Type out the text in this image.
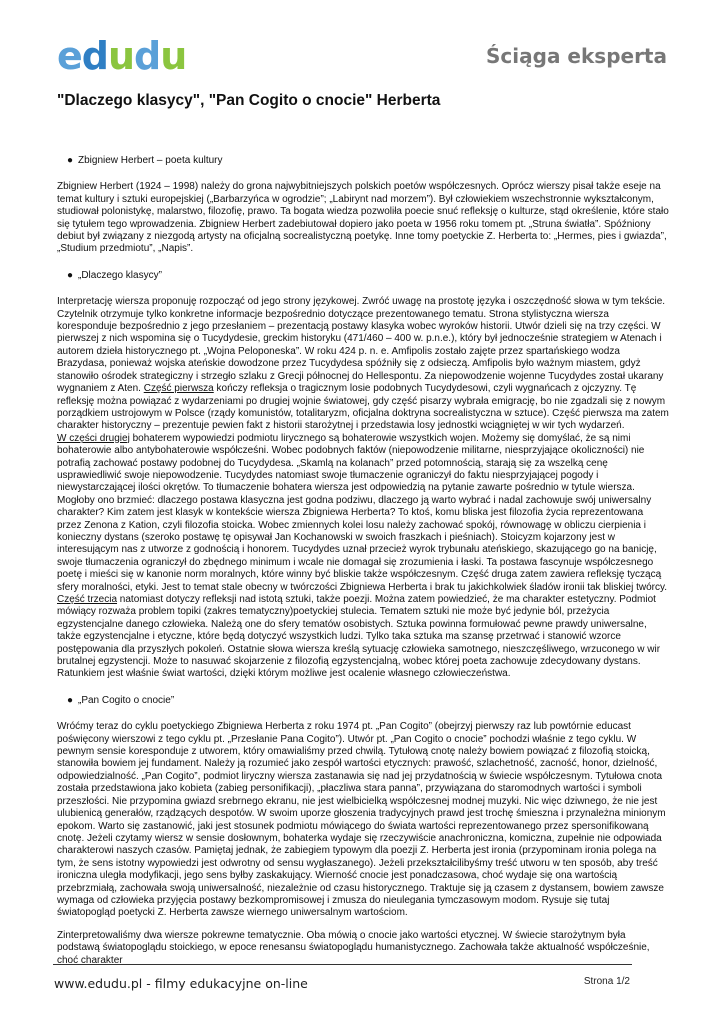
edudu	Ściąga eksperta
"Dlaczego klasycy", "Pan Cogito o cnocie" Herberta
● Zbigniew Herbert – poeta kultury

Zbigniew Herbert (1924 – 1998) należy do grona najwybitniejszych polskich poetów współczesnych. Oprócz wierszy pisał także eseje na temat kultury i sztuki europejskiej („Barbarzyńca w ogrodzie”; „Labirynt nad morzem”). Był człowiekiem wszechstronnie wykształconym, studiował polonistykę, malarstwo, filozofię, prawo. Ta bogata wiedza pozwoliła poecie snuć refleksję o kulturze, stąd określenie, które stało się tytułem tego wprowadzenia. Zbigniew Herbert zadebiutował dopiero jako poeta w 1956 roku tomem pt. „Struna światła”. Spóźniony debiut był związany z niezgodą artysty na oficjalną socrealistyczną poetykę. Inne tomy poetyckie Z. Herberta to: „Hermes, pies i gwiazda”, „Studium przedmiotu”, „Napis”.

● „Dlaczego klasycy”

Interpretację wiersza proponuję rozpocząć od jego strony językowej. Zwróć uwagę na prostotę języka i oszczędność słowa w tym tekście. Czytelnik otrzymuje tylko konkretne informacje bezpośrednio dotyczące prezentowanego tematu. Strona stylistyczna wiersza koresponduje bezpośrednio z jego przesłaniem – prezentacją postawy klasyka wobec wyroków historii. Utwór dzieli się na trzy części. W pierwszej z nich wspomina się o Tucydydesie, greckim historyku (471/460 – 400 w. p.n.e.), który był jednocześnie strategiem w Atenach i autorem dzieła historycznego pt. „Wojna Peloponeska”. W roku 424 p. n. e. Amfipolis zostało zajęte przez spartańskiego wodza Brazydasa, ponieważ wojska ateńskie dowodzone przez Tucydydesa spóźniły się z odsieczą. Amfipolis było ważnym miastem, gdyż stanowiło ośrodek strategiczny i strzegło szlaku z Grecji północnej do Hellespontu. Za niepowodzenie wojenne Tucydydes został ukarany wygnaniem z Aten. Część pierwsza kończy refleksja o tragicznym losie podobnych Tucydydesowi, czyli wygnańcach z ojczyzny. Tę refleksję można powiązać z wydarzeniami po drugiej wojnie światowej, gdy część pisarzy wybrała emigrację, bo nie zgadzali się z nowym porządkiem ustrojowym w Polsce (rządy komunistów, totalitaryzm, oficjalna doktryna socrealistyczna w sztuce). Część pierwsza ma zatem charakter historyczny – prezentuje pewien fakt z historii starożytnej i przedstawia losy jednostki wciągniętej w wir tych wydarzeń.
W części drugiej bohaterem wypowiedzi podmiotu lirycznego są bohaterowie wszystkich wojen. Możemy się domyślać, że są nimi bohaterowie albo antybohaterowie współcześni. Wobec podobnych faktów (niepowodzenie militarne, niesprzyjające okoliczności) nie potrafią zachować postawy podobnej do Tucydydesa. „Skamlą na kolanach” przed potomnością, starają się za wszelką cenę usprawiedliwić swoje niepowodzenie. Tucydydes natomiast swoje tłumaczenie ograniczył do faktu niesprzyjającej pogody i niewystarczającej ilości okrętów. To tłumaczenie bohatera wiersza jest odpowiedzią na pytanie zawarte pośrednio w tytule wiersza. Mogłoby ono brzmieć: dlaczego postawa klasyczna jest godna podziwu, dlaczego ją warto wybrać i nadal zachowuje swój uniwersalny charakter? Kim zatem jest klasyk w kontekście wiersza Zbigniewa Herberta? To ktoś, komu bliska jest filozofia życia reprezentowana przez Zenona z Kation, czyli filozofia stoicka. Wobec zmiennych kolei losu należy zachować spokój, równowagę w obliczu cierpienia i konieczny dystans (szeroko postawę tę opisywał Jan Kochanowski w swoich fraszkach i pieśniach). Stoicyzm kojarzony jest w interesującym nas z utworze z godnością i honorem. Tucydydes uznał przecież wyrok trybunału ateńskiego, skazującego go na banicję, swoje tłumaczenia ograniczył do zbędnego minimum i wcale nie domagał się zrozumienia i łaski. Ta postawa fascynuje współczesnego poetę i mieści się w kanonie norm moralnych, które winny być bliskie także współczesnym. Część druga zatem zawiera refleksję tyczącą sfery moralności, etyki. Jest to temat stale obecny w twórczości Zbigniewa Herberta i brak tu jakichkolwiek śladów ironii tak bliskiej twórcy.
Część trzecia natomiast dotyczy refleksji nad istotą sztuki, także poezji. Można zatem powiedzieć, że ma charakter estetyczny. Podmiot mówiący rozważa problem topiki (zakres tematyczny)poetyckiej stulecia. Tematem sztuki nie może być jedynie ból, przeżycia egzystencjalne danego człowieka. Należą one do sfery tematów osobistych. Sztuka powinna formułować pewne prawdy uniwersalne, także egzystencjalne i etyczne, które będą dotyczyć wszystkich ludzi. Tylko taka sztuka ma szansę przetrwać i stanowić wzorce postępowania dla przyszłych pokoleń. Ostatnie słowa wiersza kreślą sytuację człowieka samotnego, nieszczęśliwego, wrzuconego w wir brutalnej egzystencji. Może to nasuwać skojarzenie z filozofią egzystencjalną, wobec której poeta zachowuje zdecydowany dystans. Ratunkiem jest właśnie świat wartości, dzięki którym możliwe jest ocalenie własnego człowieczeństwa.

● „Pan Cogito o cnocie”

Wróćmy teraz do cyklu poetyckiego Zbigniewa Herberta z roku 1974 pt. „Pan Cogito” (obejrzyj pierwszy raz lub powtórnie educast poświęcony wierszowi z tego cyklu pt. „Przesłanie Pana Cogito”). Utwór pt. „Pan Cogito o cnocie” pochodzi właśnie z tego cyklu. W pewnym sensie koresponduje z utworem, który omawialiśmy przed chwilą. Tytułową cnotę należy bowiem powiązać z filozofią stoicką, stanowiła bowiem jej fundament. Należy ją rozumieć jako zespół wartości etycznych: prawość, szlachetność, zacność, honor, dzielność, odpowiedzialność. „Pan Cogito”, podmiot liryczny wiersza zastanawia się nad jej przydatnością w świecie współczesnym. Tytułowa cnota została przedstawiona jako kobieta (zabieg personifikacji), „płaczliwa stara panna”, przywiązana do staromodnych wartości i symboli przeszłości. Nie przypomina gwiazd srebrnego ekranu, nie jest wielbicielką współczesnej modnej muzyki. Nic więc dziwnego, że nie jest ulubienicą generałów, rządzących despotów. W swoim uporze głoszenia tradycyjnych prawd jest trochę śmieszna i przynależna minionym epokom. Warto się zastanowić, jaki jest stosunek podmiotu mówiącego do świata wartości reprezentowanego przez spersonifikowaną cnotę. Jeżeli czytamy wiersz w sensie dosłownym, bohaterka wydaje się rzeczywiście anachroniczna, komiczna, zupełnie nie odpowiada charakterowi naszych czasów. Pamiętaj jednak, że zabiegiem typowym dla poezji Z. Herberta jest ironia (przypominam ironia polega na tym, że sens istotny wypowiedzi jest odwrotny od sensu wygłaszanego). Jeżeli przekształcilibyśmy treść utworu w ten sposób, aby treść ironiczna uległa modyfikacji, jego sens byłby zaskakujący. Wierność cnocie jest ponadczasowa, choć wydaje się ona wartością przebrzmiałą, zachowała swoją uniwersalność, niezależnie od czasu historycznego. Traktuje się ją czasem z dystansem, bowiem zawsze wymaga od człowieka przyjęcia postawy bezkompromisowej i zmusza do nieulegania tymczasowym modom. Rysuje się tutaj światopogląd poetycki Z. Herberta zawsze wiernego uniwersalnym wartościom.

Zinterpretowaliśmy dwa wiersze pokrewne tematycznie. Oba mówią o cnocie jako wartości etycznej. W świecie starożytnym była podstawą światopoglądu stoickiego, w epoce renesansu światopoglądu humanistycznego. Zachowała także aktualność współcześnie, choć charakter

www.edudu.pl - filmy edukacyjne on-line	Strona 1/2
